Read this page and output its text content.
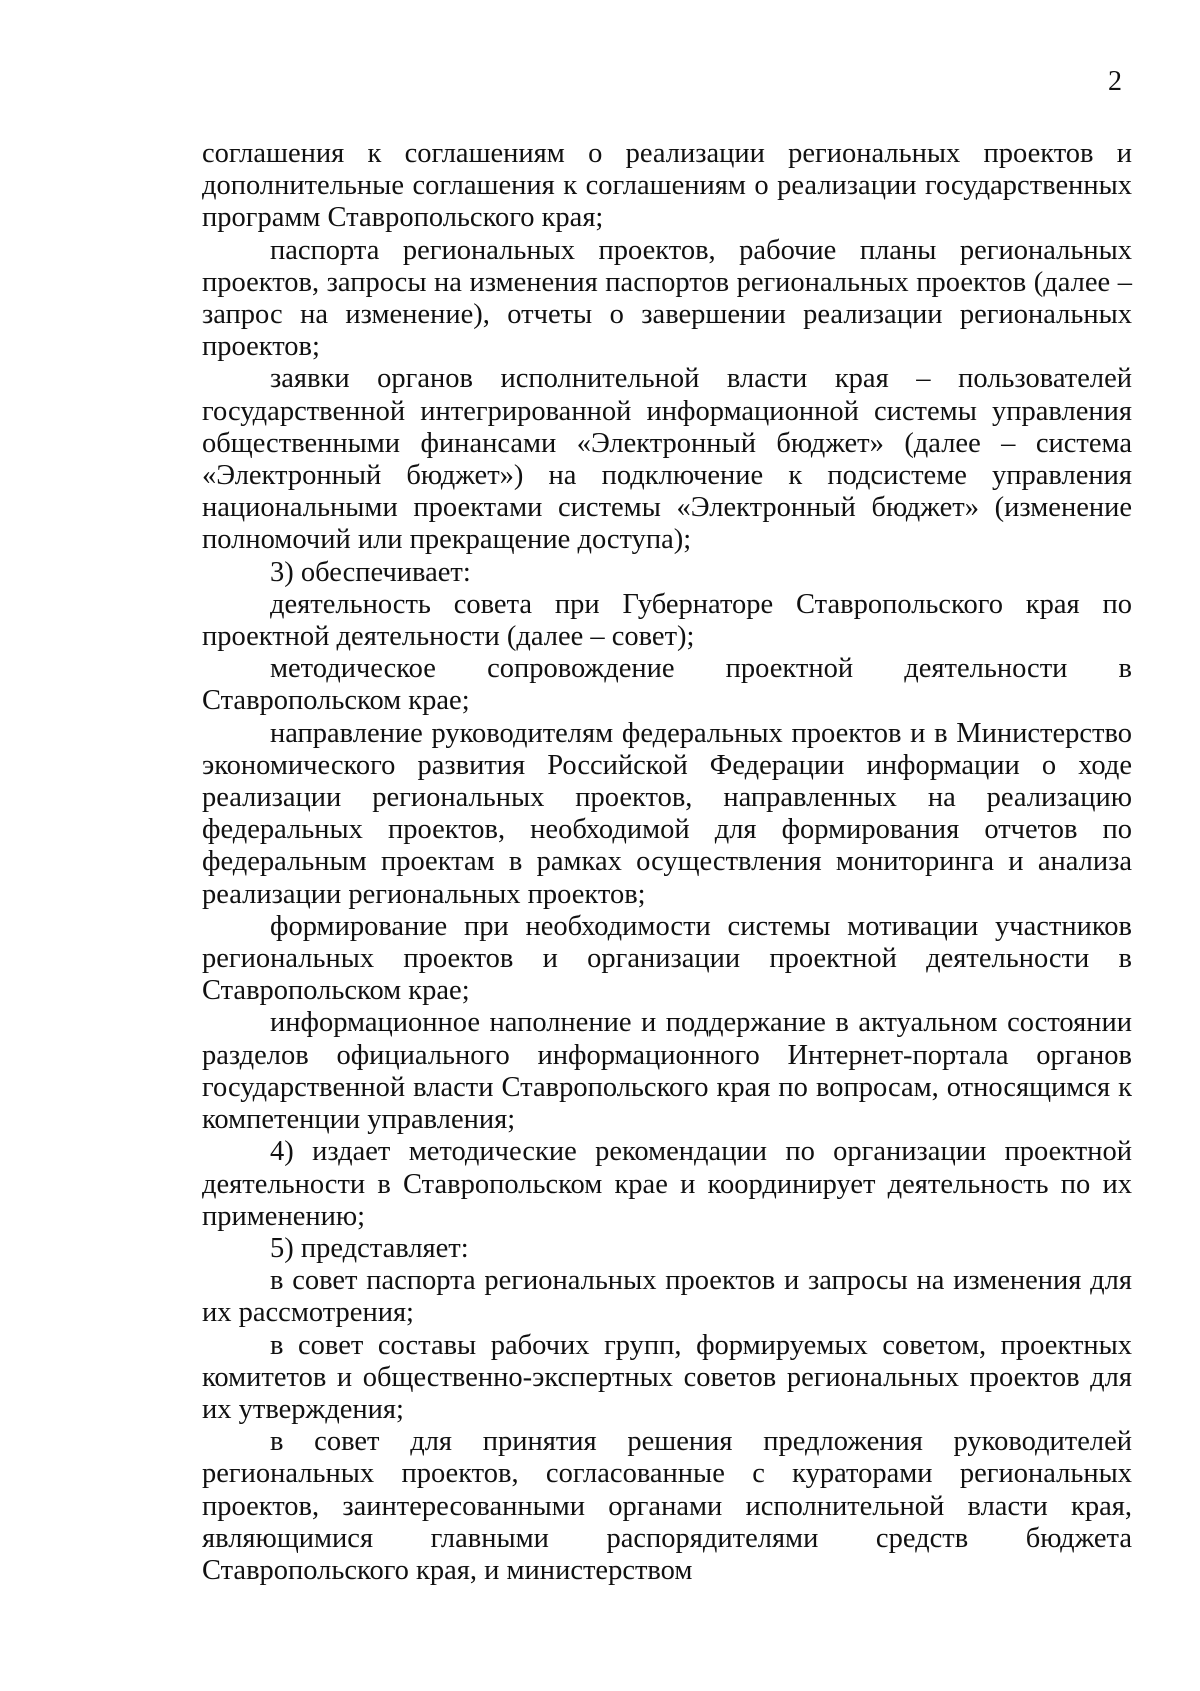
2

соглашения к соглашениям о реализации региональных проектов и дополнительные соглашения к соглашениям о реализации государственных программ Ставропольского края;

паспорта региональных проектов, рабочие планы региональных проектов, запросы на изменения паспортов региональных проектов (далее – запрос на изменение), отчеты о завершении реализации региональных проектов;

заявки органов исполнительной власти края – пользователей государственной интегрированной информационной системы управления общественными финансами «Электронный бюджет» (далее – система «Электронный бюджет») на подключение к подсистеме управления национальными проектами системы «Электронный бюджет» (изменение полномочий или прекращение доступа);

3) обеспечивает:

деятельность совета при Губернаторе Ставропольского края по проектной деятельности (далее – совет);

методическое сопровождение проектной деятельности в Ставропольском крае;

направление руководителям федеральных проектов и в Министерство экономического развития Российской Федерации информации о ходе реализации региональных проектов, направленных на реализацию федеральных проектов, необходимой для формирования отчетов по федеральным проектам в рамках осуществления мониторинга и анализа реализации региональных проектов;

формирование при необходимости системы мотивации участников региональных проектов и организации проектной деятельности в Ставропольском крае;

информационное наполнение и поддержание в актуальном состоянии разделов официального информационного Интернет-портала органов государственной власти Ставропольского края по вопросам, относящимся к компетенции управления;

4) издает методические рекомендации по организации проектной деятельности в Ставропольском крае и координирует деятельность по их применению;

5) представляет:

в совет паспорта региональных проектов и запросы на изменения для их рассмотрения;

в совет составы рабочих групп, формируемых советом, проектных комитетов и общественно-экспертных советов региональных проектов для их утверждения;

в совет для принятия решения предложения руководителей региональных проектов, согласованные с кураторами региональных проектов, заинтересованными органами исполнительной власти края, являющимися главными распорядителями средств бюджета Ставропольского края, и министерством
